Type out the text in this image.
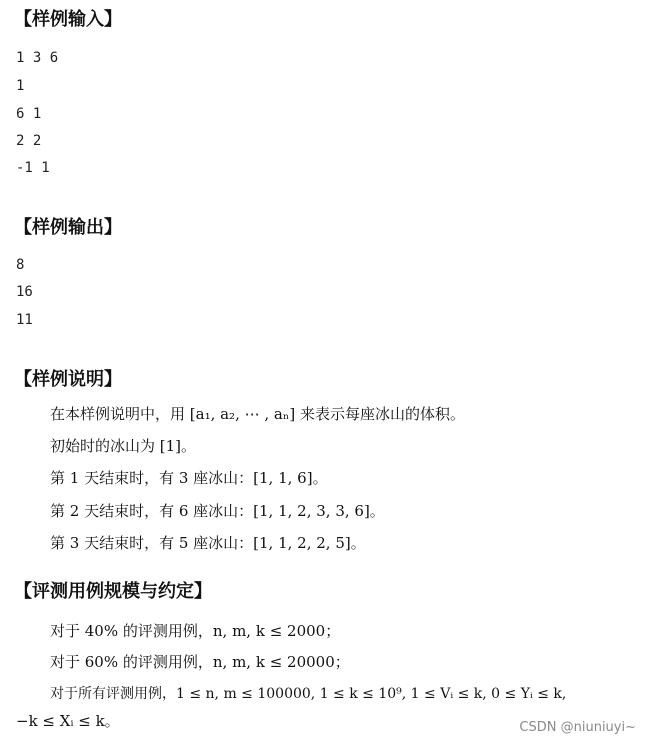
【样例输入】
1 3 6
1
6 1
2 2
-1 1
【样例输出】
8
16
11
【样例说明】
在本样例说明中，用 [a₁, a₂, ⋯ , aₙ] 来表示每座冰山的体积。
初始时的冰山为 [1]。
第 1 天结束时，有 3 座冰山：[1, 1, 6]。
第 2 天结束时，有 6 座冰山：[1, 1, 2, 3, 3, 6]。
第 3 天结束时，有 5 座冰山：[1, 1, 2, 2, 5]。
【评测用例规模与约定】
对于 40% 的评测用例，n, m, k ≤ 2000；
对于 60% 的评测用例，n, m, k ≤ 20000；
对于所有评测用例，1 ≤ n, m ≤ 100000, 1 ≤ k ≤ 10⁹, 1 ≤ Vᵢ ≤ k, 0 ≤ Yᵢ ≤ k,
−k ≤ Xᵢ ≤ k。	CSDN @niuniuyi~
